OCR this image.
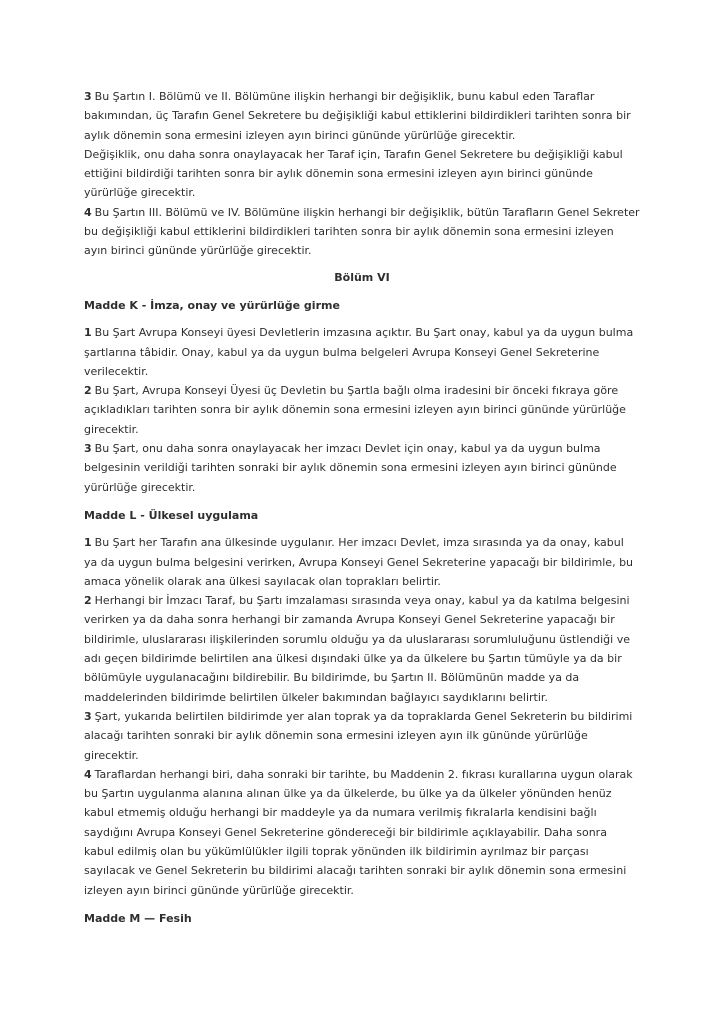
3 Bu Şartın I. Bölümü ve II. Bölümüne ilişkin herhangi bir değişiklik, bunu kabul eden Taraflar bakımından, üç Tarafın Genel Sekretere bu değişikliği kabul ettiklerini bildirdikleri tarihten sonra bir aylık dönemin sona ermesini izleyen ayın birinci gününde yürürlüğe girecektir.

Değişiklik, onu daha sonra onaylayacak her Taraf için, Tarafın Genel Sekretere bu değişikliği kabul ettiğini bildirdiği tarihten sonra bir aylık dönemin sona ermesini izleyen ayın birinci gününde yürürlüğe girecektir.

4 Bu Şartın III. Bölümü ve IV. Bölümüne ilişkin herhangi bir değişiklik, bütün Tarafların Genel Sekreter bu değişikliği kabul ettiklerini bildirdikleri tarihten sonra bir aylık dönemin sona ermesini izleyen ayın birinci gününde yürürlüğe girecektir.

Bölüm VI
Madde K - İmza, onay ve yürürlüğe girme

1 Bu Şart Avrupa Konseyi üyesi Devletlerin imzasına açıktır. Bu Şart onay, kabul ya da uygun bulma şartlarına tâbidir. Onay, kabul ya da uygun bulma belgeleri Avrupa Konseyi Genel Sekreterine verilecektir.

2 Bu Şart, Avrupa Konseyi Üyesi üç Devletin bu Şartla bağlı olma iradesini bir önceki fıkraya göre açıkladıkları tarihten sonra bir aylık dönemin sona ermesini izleyen ayın birinci gününde yürürlüğe girecektir.

3 Bu Şart, onu daha sonra onaylayacak her imzacı Devlet için onay, kabul ya da uygun bulma belgesinin verildiği tarihten sonraki bir aylık dönemin sona ermesini izleyen ayın birinci gününde yürürlüğe girecektir.

Madde L - Ülkesel uygulama

1 Bu Şart her Tarafın ana ülkesinde uygulanır. Her imzacı Devlet, imza sırasında ya da onay, kabul ya da uygun bulma belgesini verirken, Avrupa Konseyi Genel Sekreterine yapacağı bir bildirimle, bu amaca yönelik olarak ana ülkesi sayılacak olan toprakları belirtir.

2 Herhangi bir İmzacı Taraf, bu Şartı imzalaması sırasında veya onay, kabul ya da katılma belgesini verirken ya da daha sonra herhangi bir zamanda Avrupa Konseyi Genel Sekreterine yapacağı bir bildirimle, uluslararası ilişkilerinden sorumlu olduğu ya da uluslararası sorumluluğunu üstlendiği ve adı geçen bildirimde belirtilen ana ülkesi dışındaki ülke ya da ülkelere bu Şartın tümüyle ya da bir bölümüyle uygulanacağını bildirebilir. Bu bildirimde, bu Şartın II. Bölümünün madde ya da maddelerinden bildirimde belirtilen ülkeler bakımından bağlayıcı saydıklarını belirtir.

3 Şart, yukarıda belirtilen bildirimde yer alan toprak ya da topraklarda Genel Sekreterin bu bildirimi alacağı tarihten sonraki bir aylık dönemin sona ermesini izleyen ayın ilk gününde yürürlüğe girecektir.

4 Taraflardan herhangi biri, daha sonraki bir tarihte, bu Maddenin 2. fıkrası kurallarına uygun olarak bu Şartın uygulanma alanına alınan ülke ya da ülkelerde, bu ülke ya da ülkeler yönünden henüz kabul etmemiş olduğu herhangi bir maddeyle ya da numara verilmiş fıkralarla kendisini bağlı saydığını Avrupa Konseyi Genel Sekreterine göndereceği bir bildirimle açıklayabilir. Daha sonra kabul edilmiş olan bu yükümlülükler ilgili toprak yönünden ilk bildirimin ayrılmaz bir parçası sayılacak ve Genel Sekreterin bu bildirimi alacağı tarihten sonraki bir aylık dönemin sona ermesini izleyen ayın birinci gününde yürürlüğe girecektir.

Madde M — Fesih
